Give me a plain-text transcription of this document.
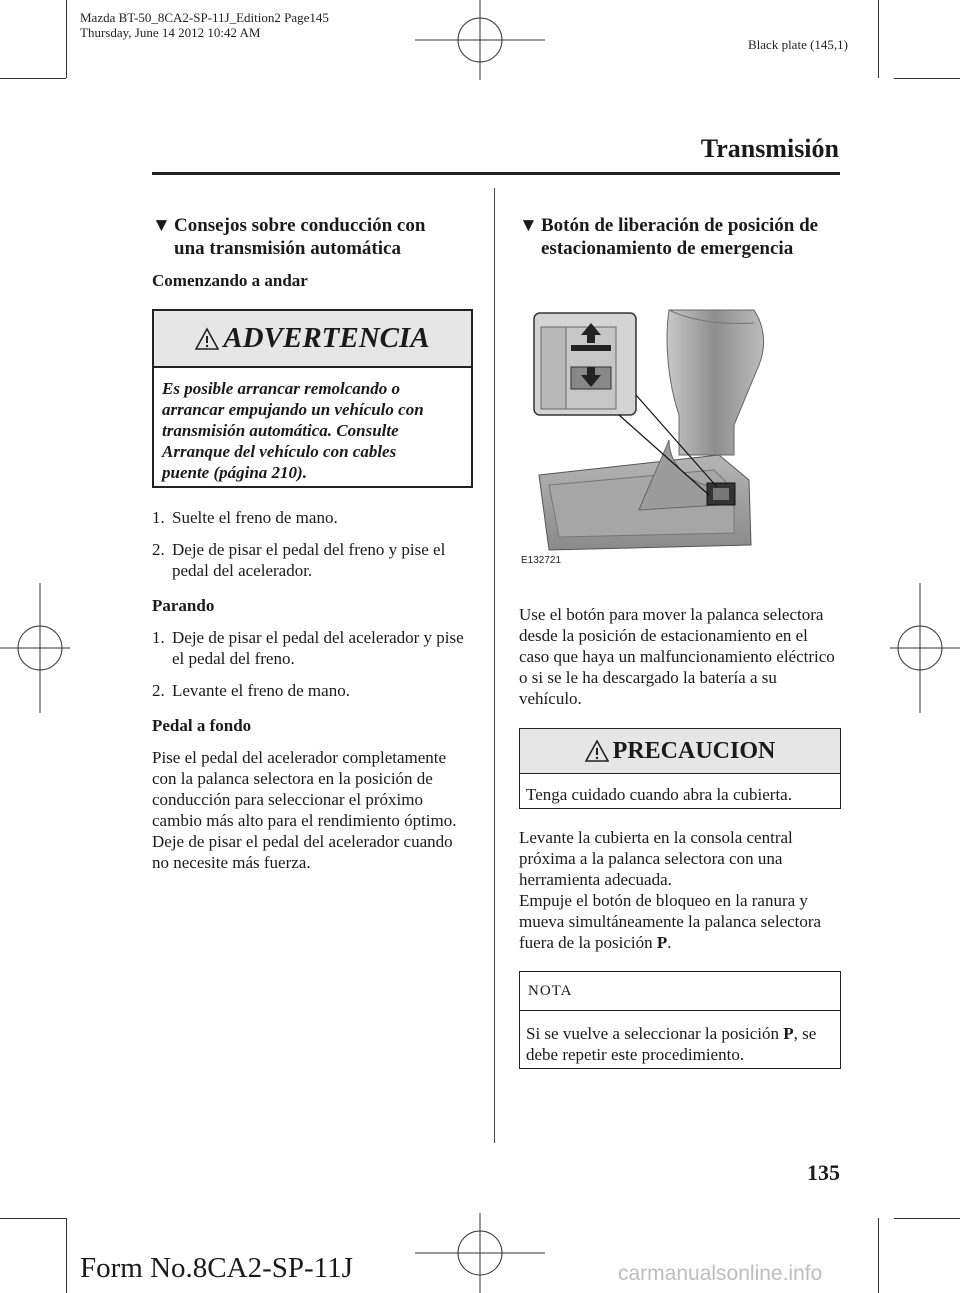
Mazda BT-50_8CA2-SP-11J_Edition2 Page145
Thursday, June 14 2012 10:42 AM
Black plate (145,1)
Transmisión
▼ Consejos sobre conducción con
una transmisión automática

Comenzando a andar

ADVERTENCIA
Es posible arrancar remolcando o
arrancar empujando un vehículo con
transmisión automática. Consulte
Arranque del vehículo con cables
puente (página 210).
1. Suelte el freno de mano.
2. Deje de pisar el pedal del freno y pise el pedal del acelerador.

Parando

1. Deje de pisar el pedal del acelerador y pise el pedal del freno.
2. Levante el freno de mano.

Pedal a fondo

Pise el pedal del acelerador completamente con la palanca selectora en la posición de conducción para seleccionar el próximo cambio más alto para el rendimiento óptimo. Deje de pisar el pedal del acelerador cuando no necesite más fuerza.

▼ Botón de liberación de posición de
estacionamiento de emergencia
E132721

Use el botón para mover la palanca selectora desde la posición de estacionamiento en el caso que haya un malfuncionamiento eléctrico o si se le ha descargado la batería a su vehículo.

PRECAUCION
Tenga cuidado cuando abra la cubierta.

Levante la cubierta en la consola central próxima a la palanca selectora con una herramienta adecuada.

Empuje el botón de bloqueo en la ranura y mueva simultáneamente la palanca selectora fuera de la posición P.

NOTA
Si se vuelve a seleccionar la posición P, se debe repetir este procedimiento.
135
Form No.8CA2-SP-11J	carmanualsonline.info
